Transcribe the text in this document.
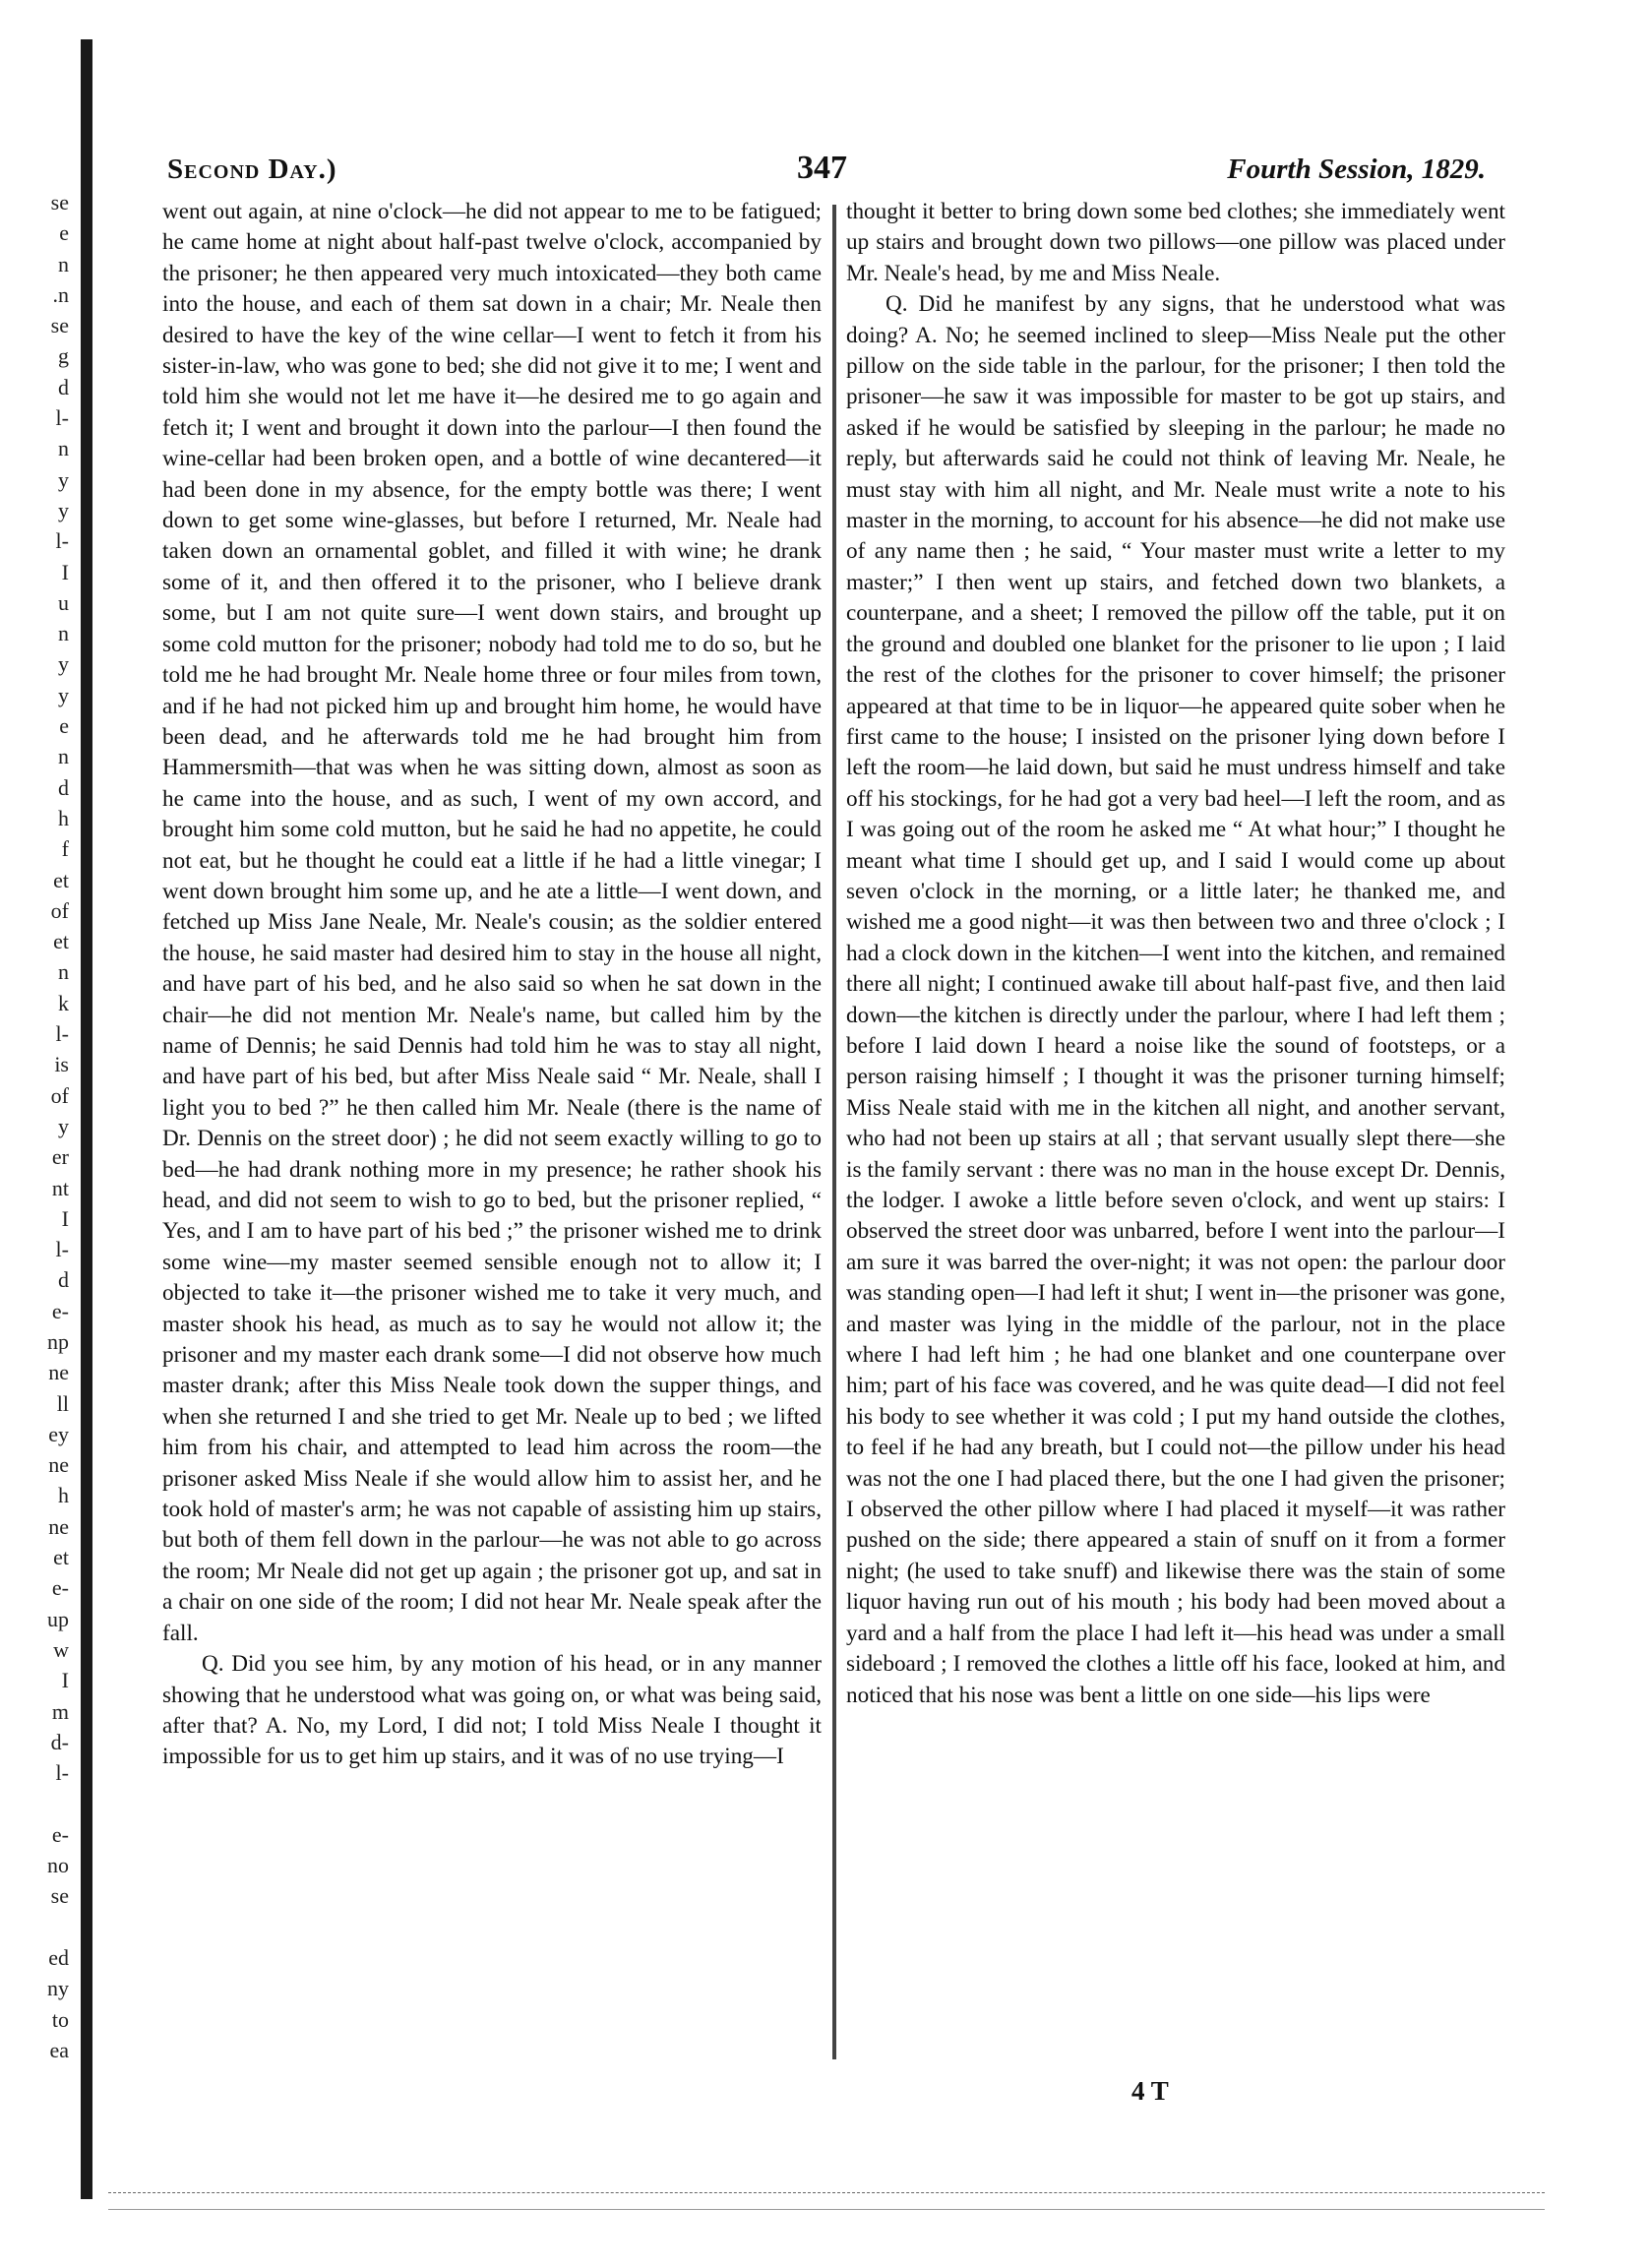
se
e
n
.n
se
g
d
l-
n
y
y
l-
I
u
n
y
y
e
n
d
h
f
et
of
et
n
k
l-
is
of
y
er
nt
I
l-
d
e-
np
ne
ll
ey
ne
h
ne
et
e-
up
w
I
m
d-
l-
e-
no
se
ed
ny
to
ea
Second Day.)	347	Fourth Session, 1829.

went out again, at nine o'clock—he did not appear to me to be fatigued; he came home at night about half-past twelve o'clock, accompanied by the prisoner; he then appeared very much intoxicated—they both came into the house, and each of them sat down in a chair; Mr. Neale then desired to have the key of the wine cellar—I went to fetch it from his sister-in-law, who was gone to bed; she did not give it to me; I went and told him she would not let me have it—he desired me to go again and fetch it; I went and brought it down into the parlour—I then found the wine-cellar had been broken open, and a bottle of wine decantered—it had been done in my absence, for the empty bottle was there; I went down to get some wine-glasses, but before I returned, Mr. Neale had taken down an ornamental goblet, and filled it with wine; he drank some of it, and then offered it to the prisoner, who I believe drank some, but I am not quite sure—I went down stairs, and brought up some cold mutton for the prisoner; nobody had told me to do so, but he told me he had brought Mr. Neale home three or four miles from town, and if he had not picked him up and brought him home, he would have been dead, and he afterwards told me he had brought him from Hammersmith—that was when he was sitting down, almost as soon as he came into the house, and as such, I went of my own accord, and brought him some cold mutton, but he said he had no appetite, he could not eat, but he thought he could eat a little if he had a little vinegar; I went down brought him some up, and he ate a little—I went down, and fetched up Miss Jane Neale, Mr. Neale's cousin; as the soldier entered the house, he said master had desired him to stay in the house all night, and have part of his bed, and he also said so when he sat down in the chair—he did not mention Mr. Neale's name, but called him by the name of Dennis; he said Dennis had told him he was to stay all night, and have part of his bed, but after Miss Neale said “ Mr. Neale, shall I light you to bed ?” he then called him Mr. Neale (there is the name of Dr. Dennis on the street door) ; he did not seem exactly willing to go to bed—he had drank nothing more in my presence; he rather shook his head, and did not seem to wish to go to bed, but the prisoner replied, “ Yes, and I am to have part of his bed ;” the prisoner wished me to drink some wine—my master seemed sensible enough not to allow it; I objected to take it—the prisoner wished me to take it very much, and master shook his head, as much as to say he would not allow it; the prisoner and my master each drank some—I did not observe how much master drank; after this Miss Neale took down the supper things, and when she returned I and she tried to get Mr. Neale up to bed ; we lifted him from his chair, and attempted to lead him across the room—the prisoner asked Miss Neale if she would allow him to assist her, and he took hold of master's arm; he was not capable of assisting him up stairs, but both of them fell down in the parlour—he was not able to go across the room; Mr Neale did not get up again ; the prisoner got up, and sat in a chair on one side of the room; I did not hear Mr. Neale speak after the fall.

Q. Did you see him, by any motion of his head, or in any manner showing that he understood what was going on, or what was being said, after that? A. No, my Lord, I did not; I told Miss Neale I thought it impossible for us to get him up stairs, and it was of no use trying—I

thought it better to bring down some bed clothes; she immediately went up stairs and brought down two pillows—one pillow was placed under Mr. Neale's head, by me and Miss Neale.

Q. Did he manifest by any signs, that he understood what was doing? A. No; he seemed inclined to sleep—Miss Neale put the other pillow on the side table in the parlour, for the prisoner; I then told the prisoner—he saw it was impossible for master to be got up stairs, and asked if he would be satisfied by sleeping in the parlour; he made no reply, but afterwards said he could not think of leaving Mr. Neale, he must stay with him all night, and Mr. Neale must write a note to his master in the morning, to account for his absence—he did not make use of any name then ; he said, “ Your master must write a letter to my master;” I then went up stairs, and fetched down two blankets, a counterpane, and a sheet; I removed the pillow off the table, put it on the ground and doubled one blanket for the prisoner to lie upon ; I laid the rest of the clothes for the prisoner to cover himself; the prisoner appeared at that time to be in liquor—he appeared quite sober when he first came to the house; I insisted on the prisoner lying down before I left the room—he laid down, but said he must undress himself and take off his stockings, for he had got a very bad heel—I left the room, and as I was going out of the room he asked me “ At what hour;” I thought he meant what time I should get up, and I said I would come up about seven o'clock in the morning, or a little later; he thanked me, and wished me a good night—it was then between two and three o'clock ; I had a clock down in the kitchen—I went into the kitchen, and remained there all night; I continued awake till about half-past five, and then laid down—the kitchen is directly under the parlour, where I had left them ; before I laid down I heard a noise like the sound of footsteps, or a person raising himself ; I thought it was the prisoner turning himself; Miss Neale staid with me in the kitchen all night, and another servant, who had not been up stairs at all ; that servant usually slept there—she is the family servant : there was no man in the house except Dr. Dennis, the lodger. I awoke a little before seven o'clock, and went up stairs: I observed the street door was unbarred, before I went into the parlour—I am sure it was barred the over-night; it was not open: the parlour door was standing open—I had left it shut; I went in—the prisoner was gone, and master was lying in the middle of the parlour, not in the place where I had left him ; he had one blanket and one counterpane over him; part of his face was covered, and he was quite dead—I did not feel his body to see whether it was cold ; I put my hand outside the clothes, to feel if he had any breath, but I could not—the pillow under his head was not the one I had placed there, but the one I had given the prisoner; I observed the other pillow where I had placed it myself—it was rather pushed on the side; there appeared a stain of snuff on it from a former night; (he used to take snuff) and likewise there was the stain of some liquor having run out of his mouth ; his body had been moved about a yard and a half from the place I had left it—his head was under a small sideboard ; I removed the clothes a little off his face, looked at him, and noticed that his nose was bent a little on one side—his lips were

4 T
